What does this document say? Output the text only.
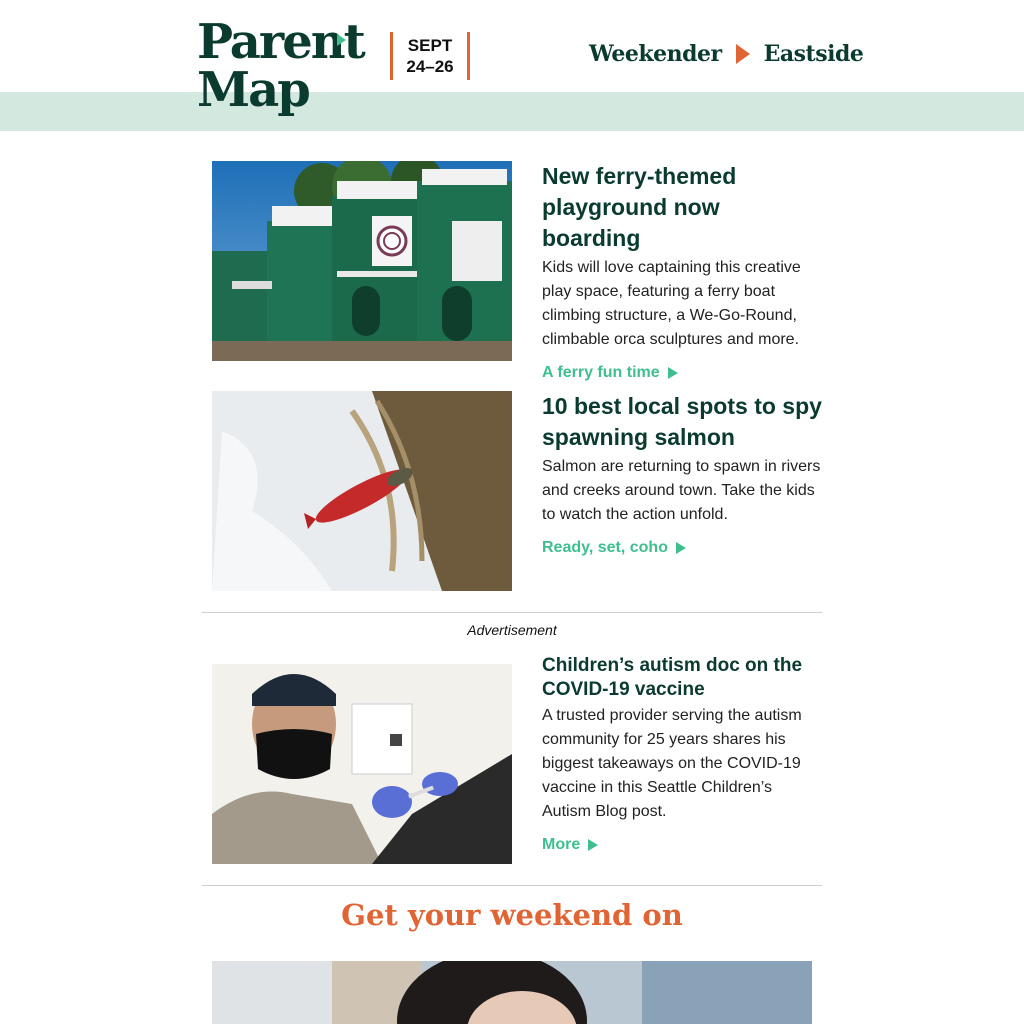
Parent
Map
SEPT
24–26	Weekender Eastside

New ferry-themed playground now boarding

Kids will love captaining this creative play space, featuring a ferry boat climbing structure, a We-Go-Round, climbable orca sculptures and more.

A ferry fun time

10 best local spots to spy spawning salmon

Salmon are returning to spawn in rivers and creeks around town. Take the kids to watch the action unfold.

Ready, set, coho
Advertisement

Children’s autism doc on the COVID-19 vaccine

A trusted provider serving the autism community for 25 years shares his biggest takeaways on the COVID-19 vaccine in this Seattle Children’s Autism Blog post.

More
Get your weekend on
